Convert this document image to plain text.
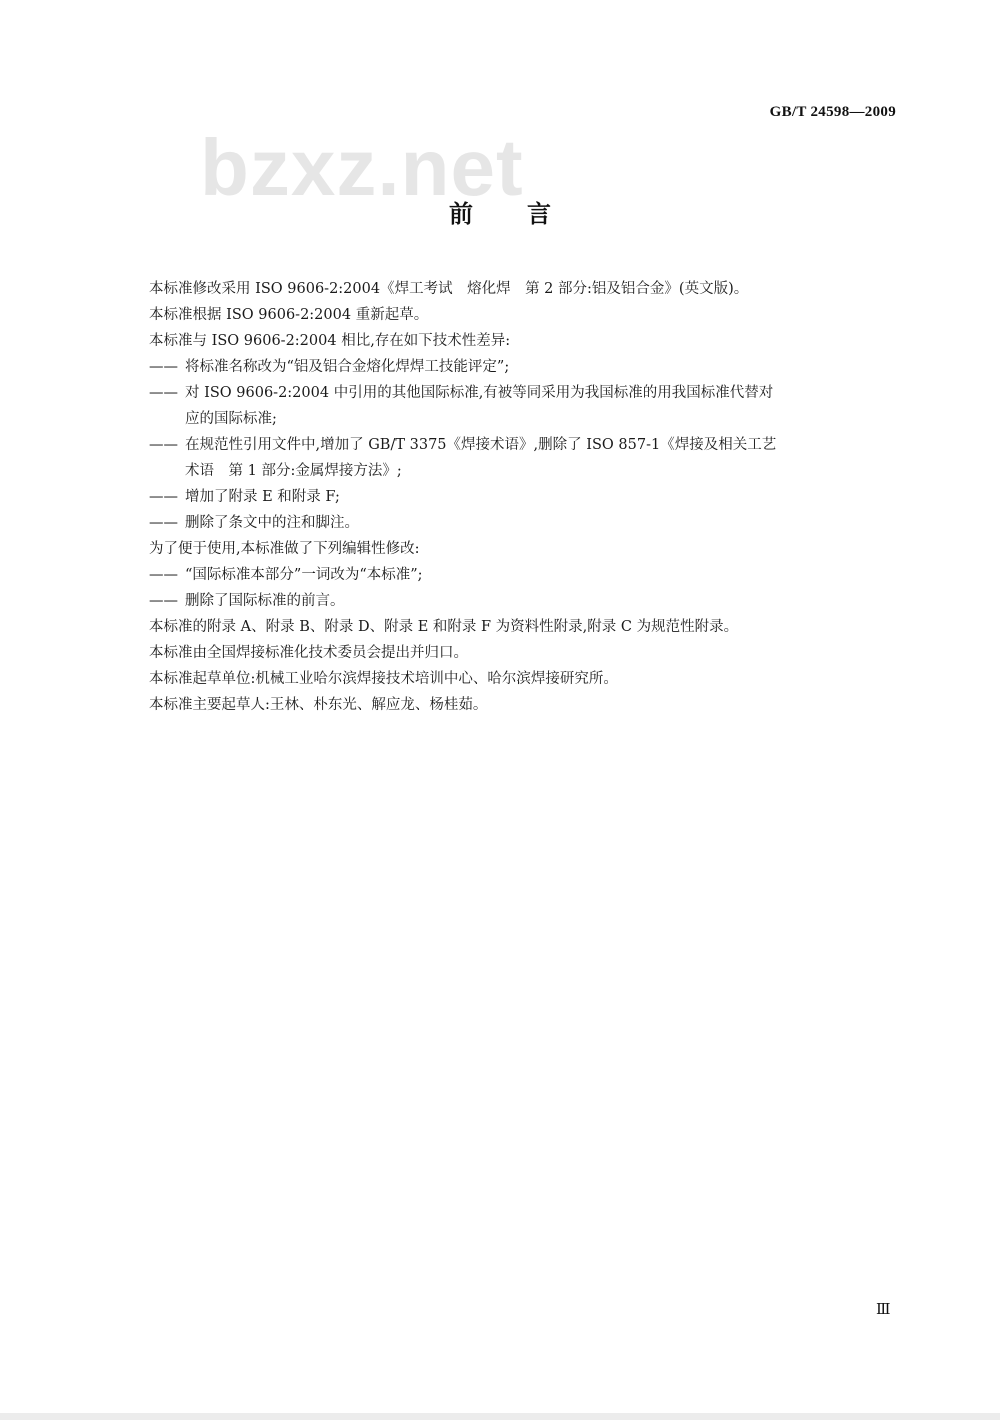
GB/T 24598—2009
bzxz.net
前言

本标准修改采用 ISO 9606-2:2004《焊工考试　熔化焊　第 2 部分:铝及铝合金》(英文版)。

本标准根据 ISO 9606-2:2004 重新起草。

本标准与 ISO 9606-2:2004 相比,存在如下技术性差异:

—— 将标准名称改为“铝及铝合金熔化焊焊工技能评定”;
—— 对 ISO 9606-2:2004 中引用的其他国际标准,有被等同采用为我国标准的用我国标准代替对
应的国际标准;
—— 在规范性引用文件中,增加了 GB/T 3375《焊接术语》,删除了 ISO 857-1《焊接及相关工艺
术语　第 1 部分:金属焊接方法》;
—— 增加了附录 E 和附录 F;
—— 删除了条文中的注和脚注。

为了便于使用,本标准做了下列编辑性修改:

—— “国际标准本部分”一词改为“本标准”;
—— 删除了国际标准的前言。

本标准的附录 A、附录 B、附录 D、附录 E 和附录 F 为资料性附录,附录 C 为规范性附录。

本标准由全国焊接标准化技术委员会提出并归口。

本标准起草单位:机械工业哈尔滨焊接技术培训中心、哈尔滨焊接研究所。

本标准主要起草人:王林、朴东光、解应龙、杨桂茹。

Ⅲ
